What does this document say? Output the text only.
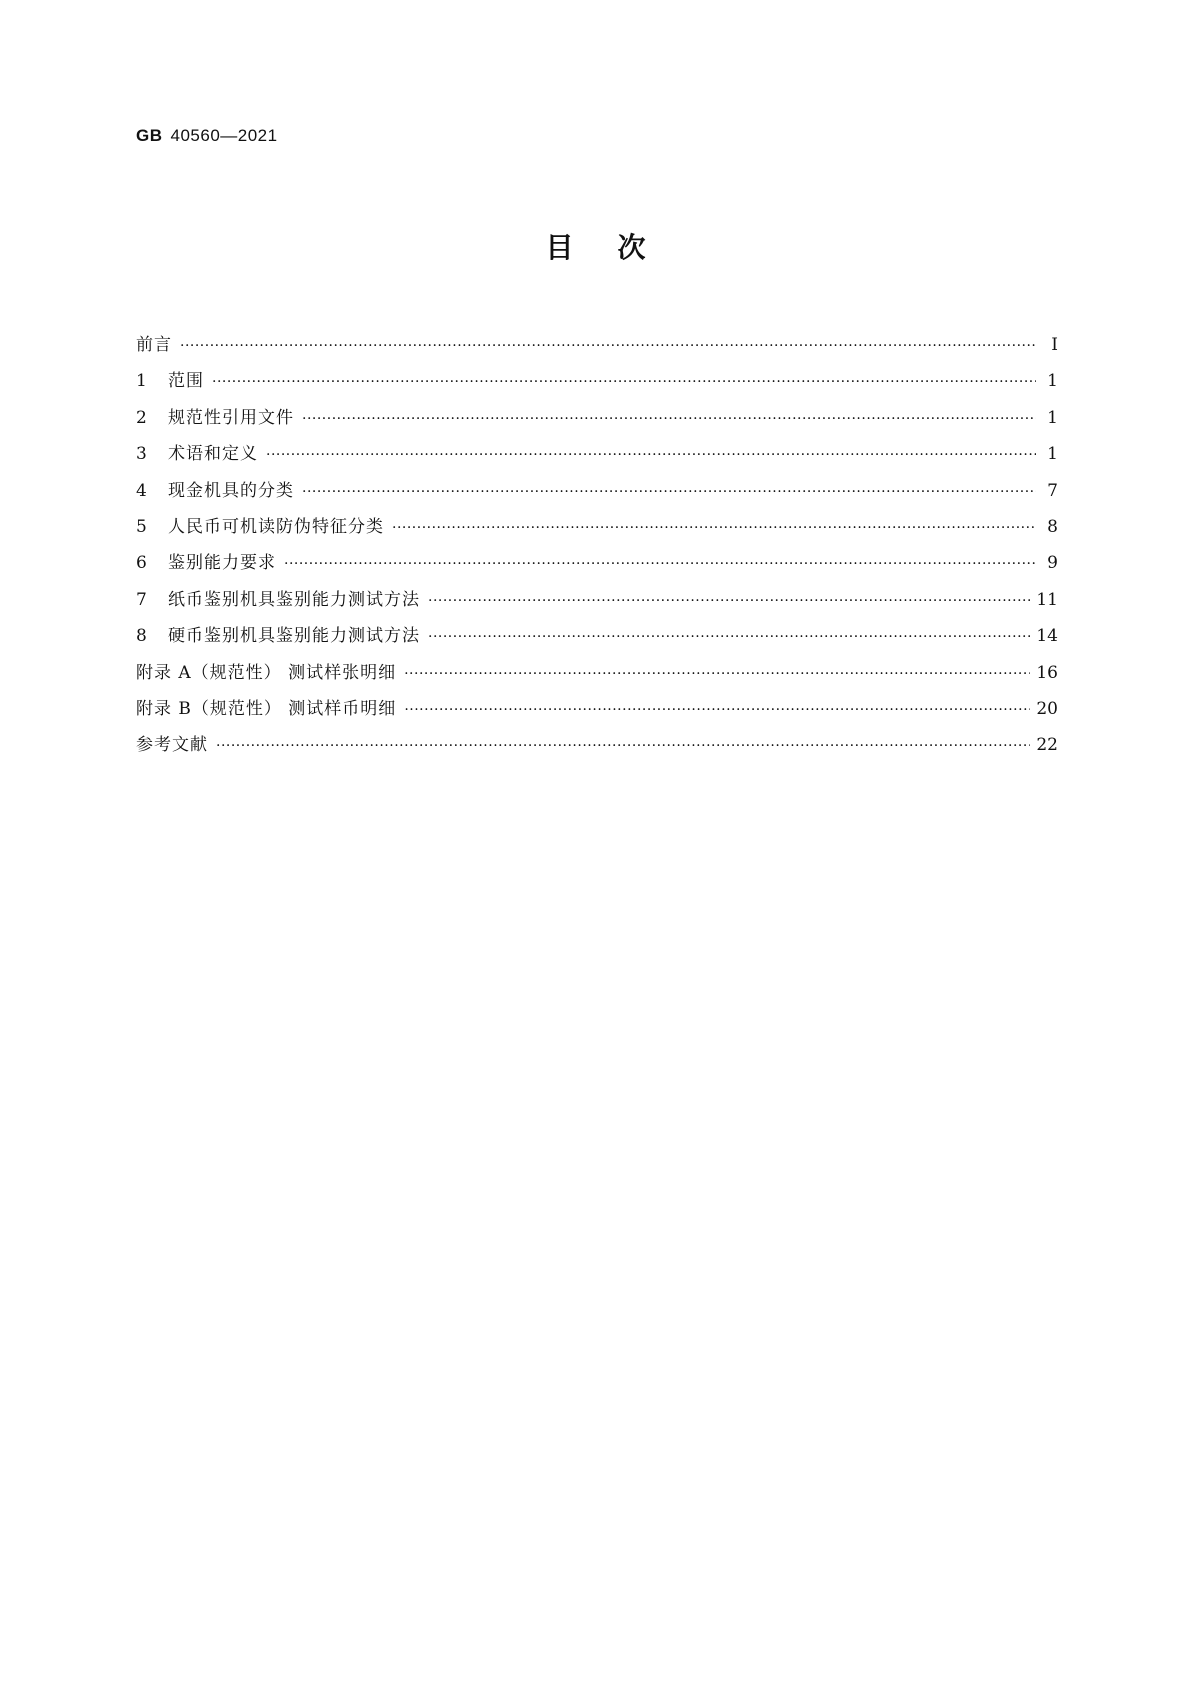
GB 40560—2021
目次
前言 ·····	Ⅰ
1	范围 ·····	1
2	规范性引用文件 ·····	1
3	术语和定义 ·····	1
4	现金机具的分类 ·····	7
5	人民币可机读防伪特征分类 ·····	8
6	鉴别能力要求 ·····	9
7	纸币鉴别机具鉴别能力测试方法 ·····	11
8	硬币鉴别机具鉴别能力测试方法 ·····	14
附录 A（规范性） 测试样张明细 ·····	16
附录 B（规范性） 测试样币明细 ·····	20
参考文献 ·····	22
